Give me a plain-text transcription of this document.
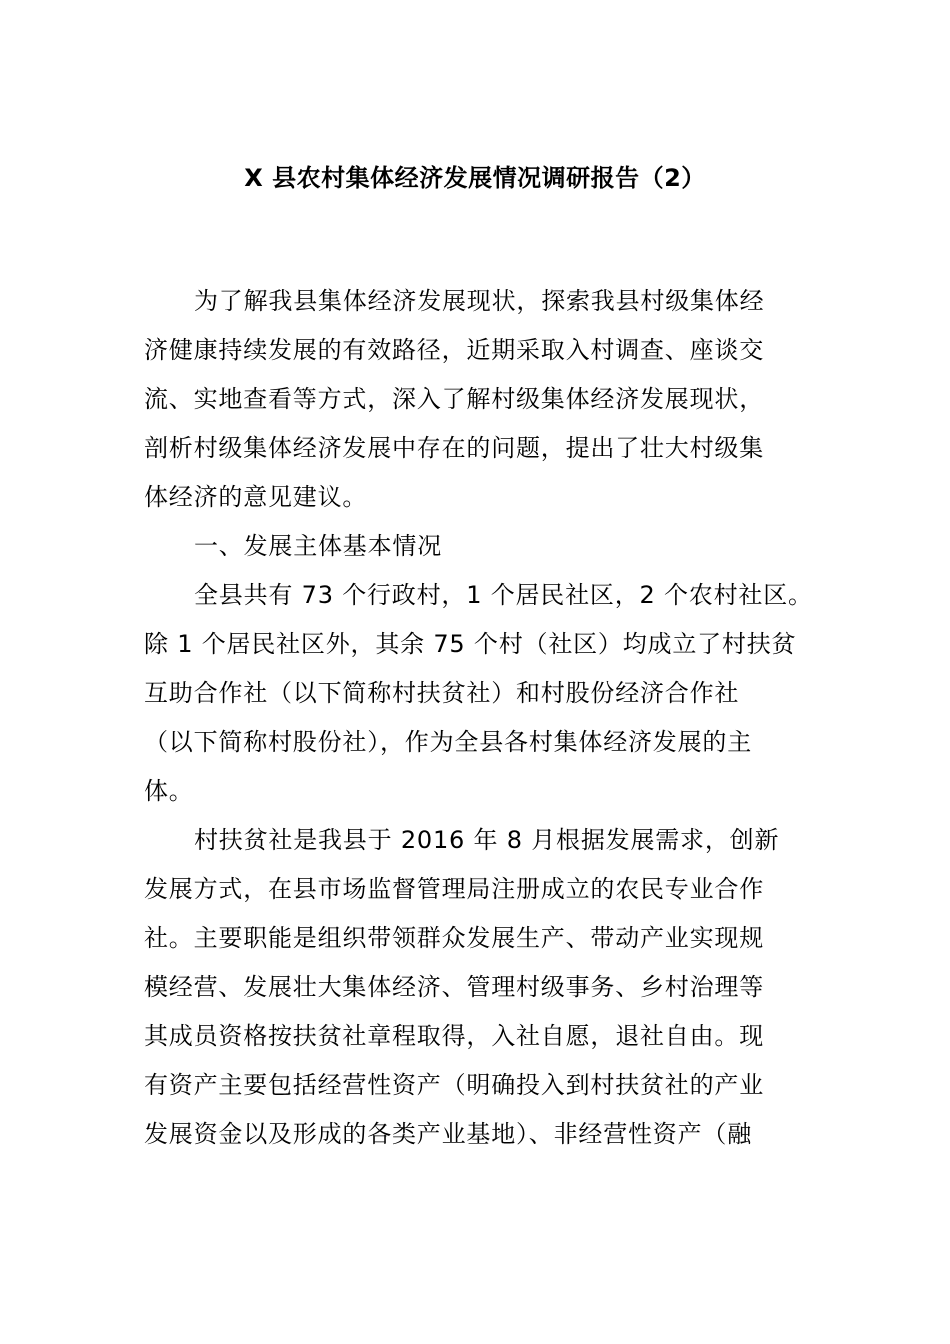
X 县农村集体经济发展情况调研报告（2）
为了解我县集体经济发展现状，探索我县村级集体经
济健康持续发展的有效路径，近期采取入村调查、座谈交
流、实地查看等方式，深入了解村级集体经济发展现状，
剖析村级集体经济发展中存在的问题，提出了壮大村级集
体经济的意见建议。
一、发展主体基本情况
全县共有 73 个行政村，1 个居民社区，2 个农村社区。
除 1 个居民社区外，其余 75 个村（社区）均成立了村扶贫
互助合作社（以下简称村扶贫社）和村股份经济合作社
（以下简称村股份社），作为全县各村集体经济发展的主
体。
村扶贫社是我县于 2016 年 8 月根据发展需求，创新
发展方式，在县市场监督管理局注册成立的农民专业合作
社。主要职能是组织带领群众发展生产、带动产业实现规
模经营、发展壮大集体经济、管理村级事务、乡村治理等
其成员资格按扶贫社章程取得，入社自愿，退社自由。现
有资产主要包括经营性资产（明确投入到村扶贫社的产业
发展资金以及形成的各类产业基地）、非经营性资产（融
